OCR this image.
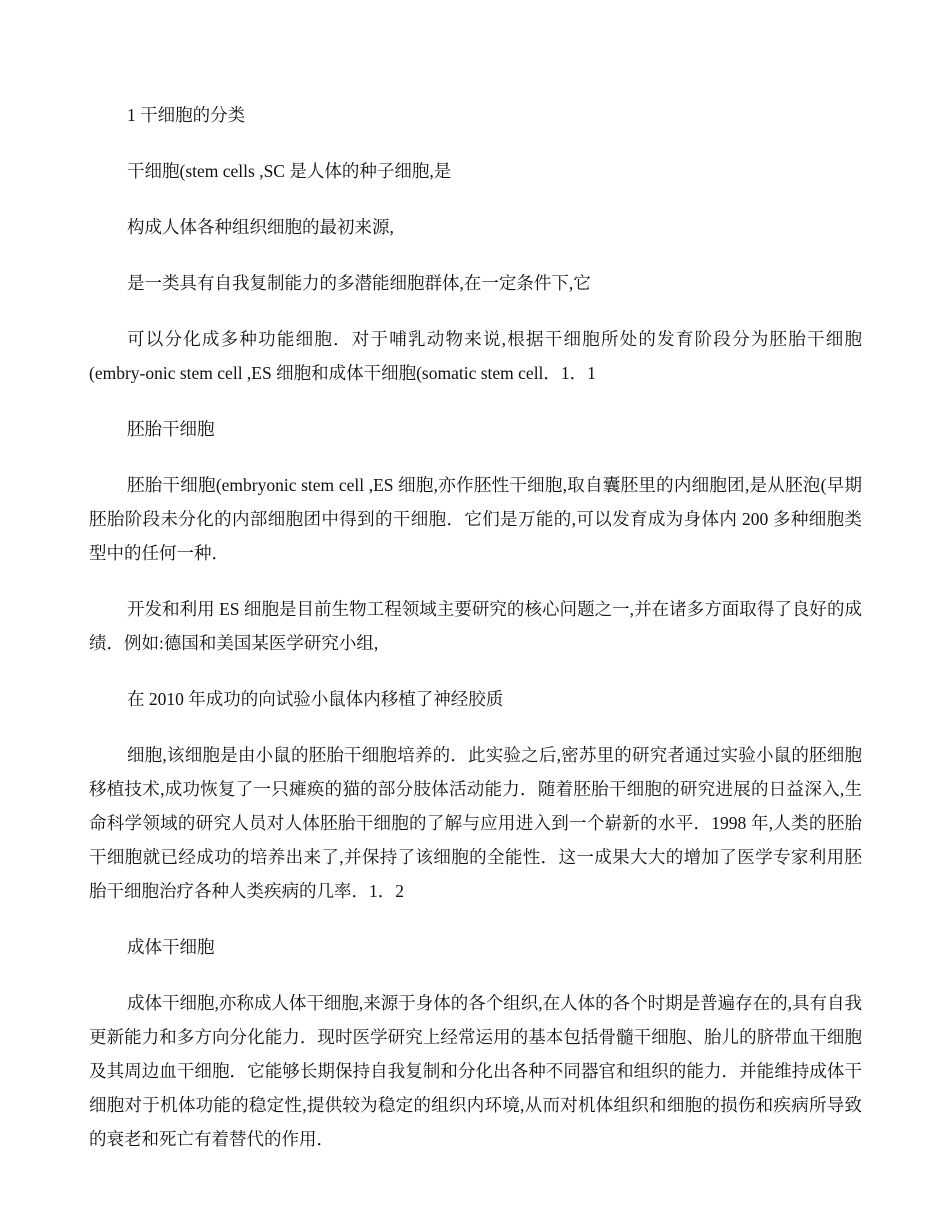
1 干细胞的分类

干细胞(stem cells ,SC 是人体的种子细胞,是

构成人体各种组织细胞的最初来源,

是一类具有自我复制能力的多潜能细胞群体,在一定条件下,它

可以分化成多种功能细胞．对于哺乳动物来说,根据干细胞所处的发育阶段分为胚胎干细胞(embry-onic stem cell ,ES 细胞和成体干细胞(somatic stem cell．1．1

胚胎干细胞

胚胎干细胞(embryonic stem cell ,ES 细胞,亦作胚性干细胞,取自囊胚里的内细胞团,是从胚泡(早期胚胎阶段未分化的内部细胞团中得到的干细胞．它们是万能的,可以发育成为身体内 200 多种细胞类型中的任何一种．

开发和利用 ES 细胞是目前生物工程领域主要研究的核心问题之一,并在诸多方面取得了良好的成绩．例如:德国和美国某医学研究小组,

在 2010 年成功的向试验小鼠体内移植了神经胶质

细胞,该细胞是由小鼠的胚胎干细胞培养的．此实验之后,密苏里的研究者通过实验小鼠的胚细胞移植技术,成功恢复了一只瘫痪的猫的部分肢体活动能力．随着胚胎干细胞的研究进展的日益深入,生命科学领域的研究人员对人体胚胎干细胞的了解与应用进入到一个崭新的水平．1998 年,人类的胚胎干细胞就已经成功的培养出来了,并保持了该细胞的全能性．这一成果大大的增加了医学专家利用胚胎干细胞治疗各种人类疾病的几率．1．2

成体干细胞

成体干细胞,亦称成人体干细胞,来源于身体的各个组织,在人体的各个时期是普遍存在的,具有自我更新能力和多方向分化能力．现时医学研究上经常运用的基本包括骨髓干细胞、胎儿的脐带血干细胞及其周边血干细胞．它能够长期保持自我复制和分化出各种不同器官和组织的能力．并能维持成体干细胞对于机体功能的稳定性,提供较为稳定的组织内环境,从而对机体组织和细胞的损伤和疾病所导致的衰老和死亡有着替代的作用．
